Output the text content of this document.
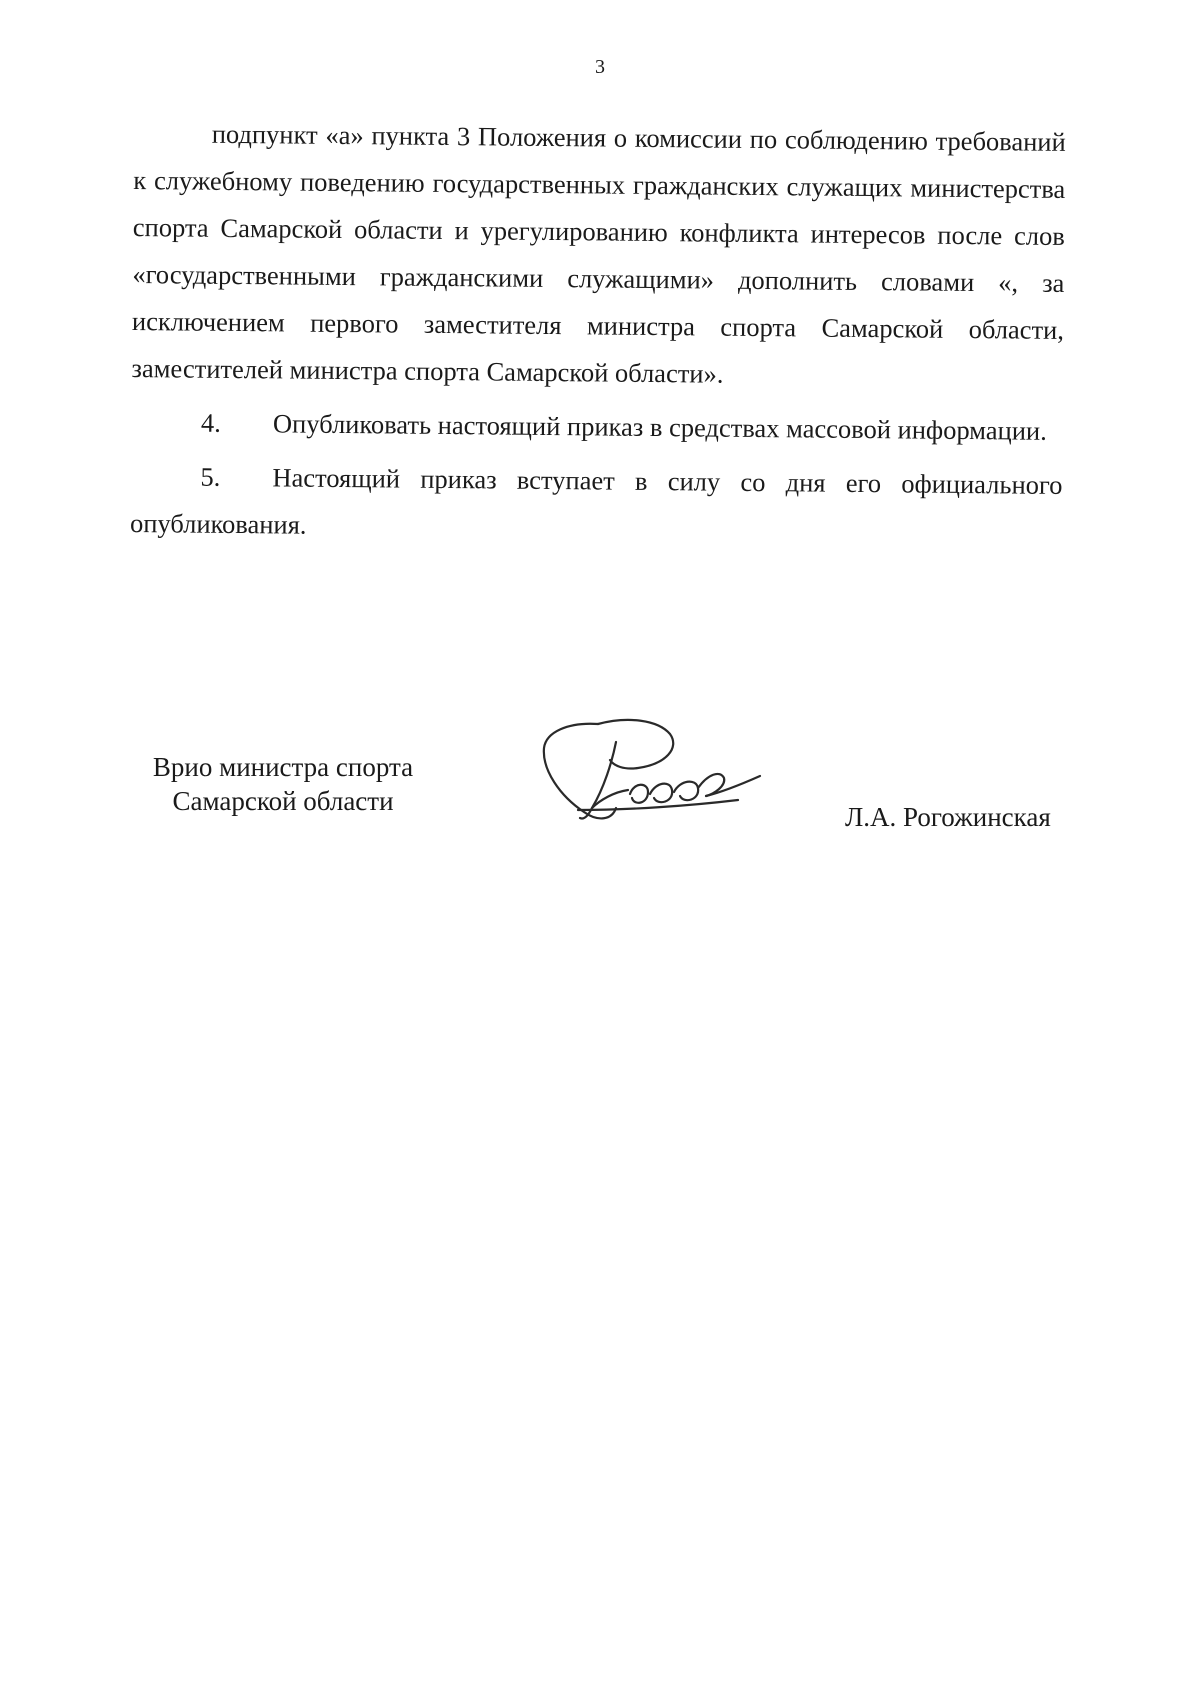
3

подпункт «а» пункта 3 Положения о комиссии по соблюдению требований к служебному поведению государственных гражданских служащих министерства спорта Самарской области и урегулированию конфликта интересов после слов «государственными гражданскими служащими» дополнить словами «, за исключением первого заместителя министра спорта Самарской области, заместителей министра спорта Самарской области».

4. Опубликовать настоящий приказ в средствах массовой информации.

5. Настоящий приказ вступает в силу со дня его официального опубликования.

Врио министра спорта
Самарской области
Л.А. Рогожинская
